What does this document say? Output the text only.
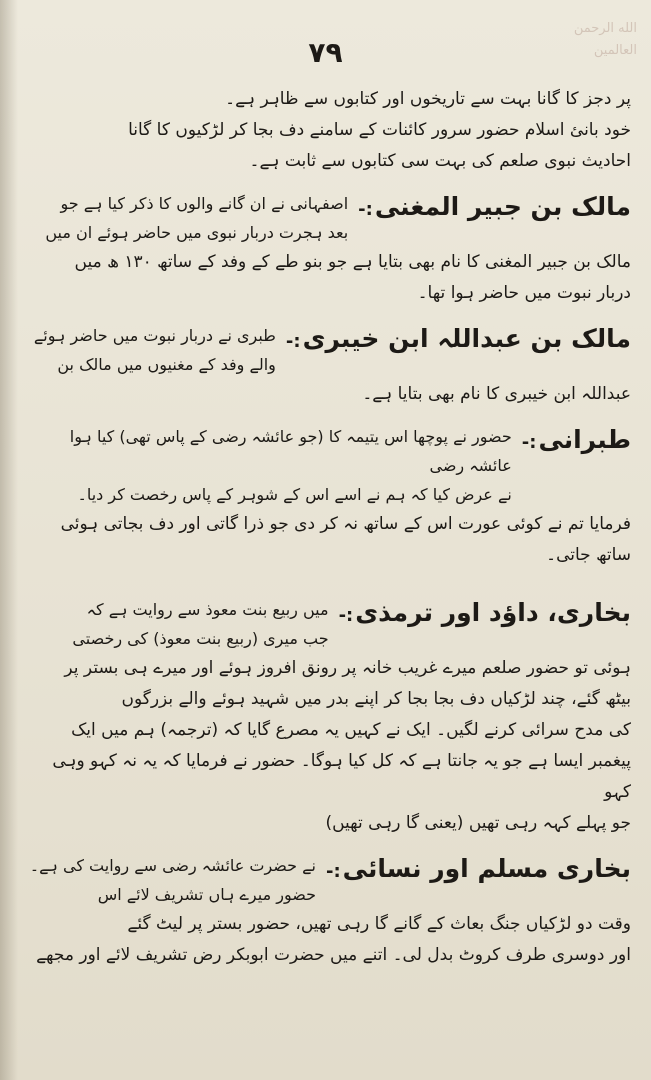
الله الرحمن
العالمين
٧٩

پر دجز کا گانا بہت سے تاریخوں اور کتابوں سے ظاہر ہے۔

خود بانئ اسلام حضور سرور کائنات کے سامنے دف بجا کر لڑکیوں کا گانا

احادیث نبوی صلعم کی بہت سی کتابوں سے ثابت ہے۔

مالک بن جبیر المغنی:-
اصفہانی نے ان گانے والوں کا ذکر کیا ہے جو
بعد ہجرت دربار نبوی میں حاضر ہوئے ان میں

مالک بن جبیر المغنی کا نام بھی بتایا ہے جو بنو طے کے وفد کے ساتھ ۱۳۰ ھ میں

دربار نبوت میں حاضر ہوا تھا۔

مالک بن عبداللہ ابن خیبری:-
طبری نے دربار نبوت میں حاضر ہوئے
والے وفد کے مغنیوں میں مالک بن

عبداللہ ابن خیبری کا نام بھی بتایا ہے۔

طبرانی:-
حضور نے پوچھا اس یتیمہ کا (جو عائشہ رضی کے پاس تھی) کیا ہوا عائشہ رضی
نے عرض کیا کہ ہم نے اسے اس کے شوہر کے پاس رخصت کر دیا۔

فرمایا تم نے کوئی عورت اس کے ساتھ نہ کر دی جو ذرا گاتی اور دف بجاتی ہوئی

ساتھ جاتی۔

بخاری، داؤد اور ترمذی:-
میں ربیع بنت معوذ سے روایت ہے کہ
جب میری (ربیع بنت معوذ) کی رخصتی

ہوئی تو حضور صلعم میرے غریب خانہ پر رونق افروز ہوئے اور میرے ہی بستر پر

بیٹھ گئے، چند لڑکیاں دف بجا بجا کر اپنے بدر میں شہید ہوئے والے بزرگوں

کی مدح سرائی کرنے لگیں۔ ایک نے کہیں یہ مصرع گایا کہ (ترجمہ) ہم میں ایک

پیغمبر ایسا ہے جو یہ جانتا ہے کہ کل کیا ہوگا۔ حضور نے فرمایا کہ یہ نہ کہو وہی کہو

جو پہلے کہہ رہی تھیں (یعنی گا رہی تھیں)

بخاری مسلم اور نسائی:-
نے حضرت عائشہ رضی سے روایت کی ہے۔
حضور میرے ہاں تشریف لائے اس

وقت دو لڑکیاں جنگ بعاث کے گانے گا رہی تھیں، حضور بستر پر لیٹ گئے

اور دوسری طرف کروٹ بدل لی۔ اتنے میں حضرت ابوبکر رض تشریف لائے اور مجھے
